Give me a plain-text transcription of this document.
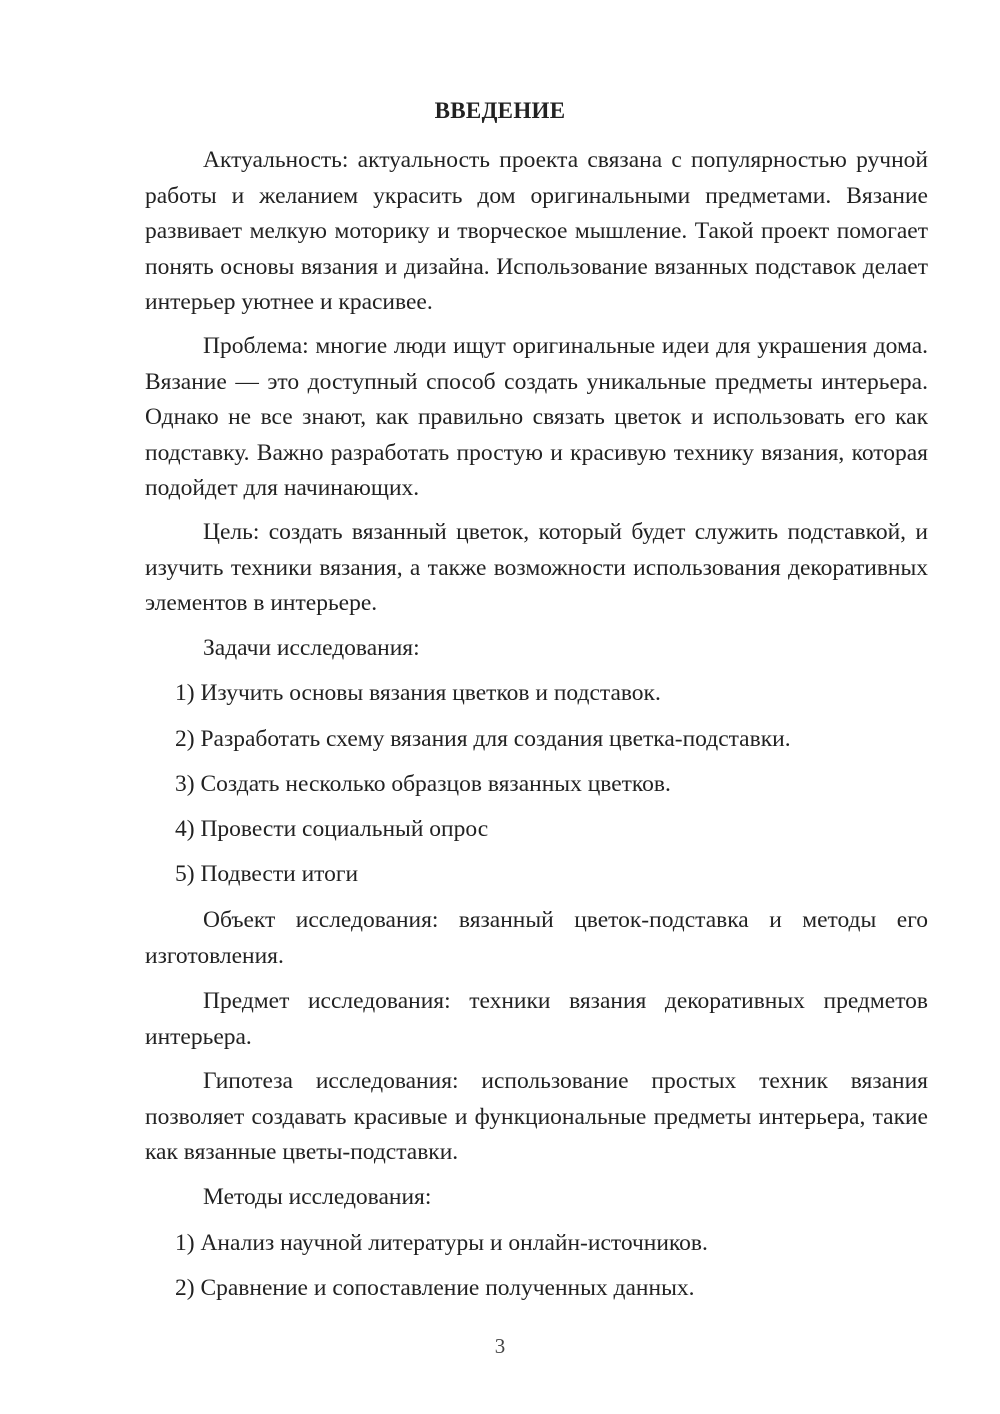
ВВЕДЕНИЕ
Актуальность: актуальность проекта связана с популярностью ручной работы и желанием украсить дом оригинальными предметами. Вязание развивает мелкую моторику и творческое мышление. Такой проект помогает понять основы вязания и дизайна. Использование вязанных подставок делает интерьер уютнее и красивее.
Проблема: многие люди ищут оригинальные идеи для украшения дома. Вязание — это доступный способ создать уникальные предметы интерьера. Однако не все знают, как правильно связать цветок и использовать его как подставку. Важно разработать простую и красивую технику вязания, которая подойдет для начинающих.
Цель: создать вязанный цветок, который будет служить подставкой, и изучить техники вязания, а также возможности использования декоративных элементов в интерьере.
Задачи исследования:
1) Изучить основы вязания цветков и подставок.
2) Разработать схему вязания для создания цветка-подставки.
3) Создать несколько образцов вязанных цветков.
4) Провести социальный опрос
5) Подвести итоги
Объект исследования: вязанный цветок-подставка и методы его изготовления.
Предмет исследования: техники вязания декоративных предметов интерьера.
Гипотеза исследования: использование простых техник вязания позволяет создавать красивые и функциональные предметы интерьера, такие как вязанные цветы-подставки.
Методы исследования:
1) Анализ научной литературы и онлайн-источников.
2) Сравнение и сопоставление полученных данных.
3
